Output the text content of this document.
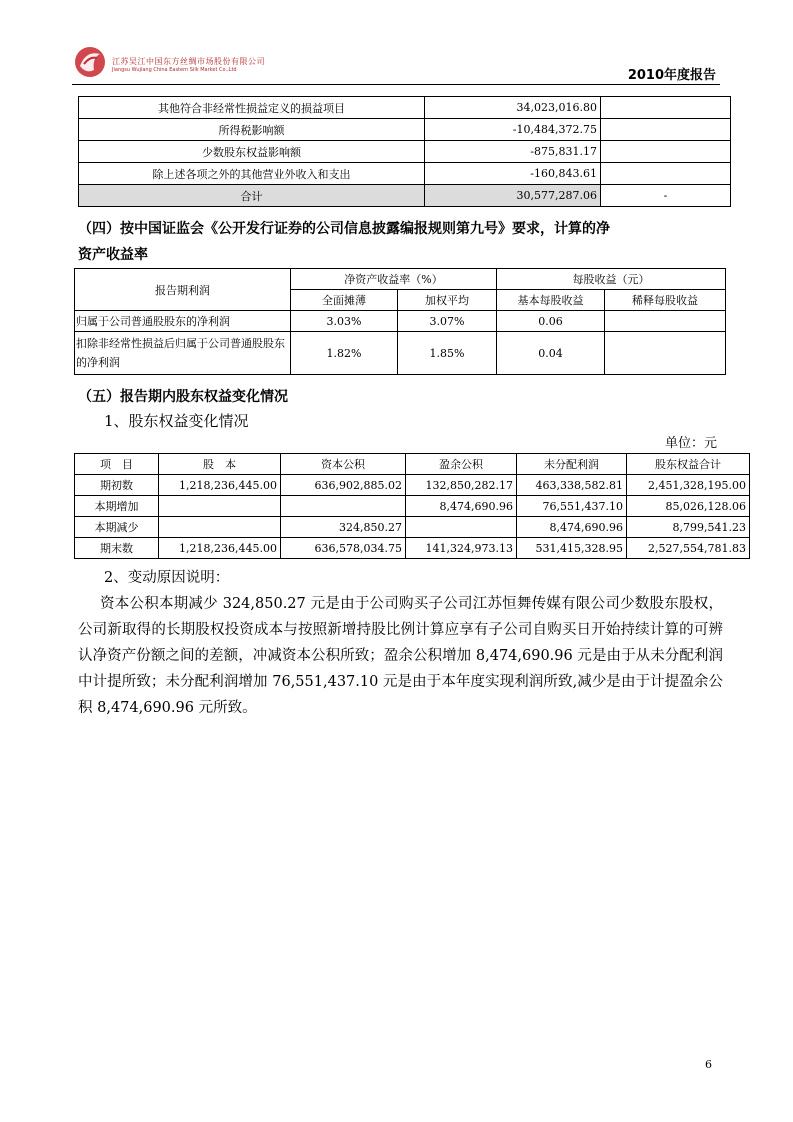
江苏吴江中国东方丝绸市场股份有限公司
Jiangsu Wujiang China Eastern Silk Market Co.,Ltd	2010年度报告
其他符合非经常性损益定义的损益项目	34,023,016.80	
所得税影响额	-10,484,372.75	
少数股东权益影响额	-875,831.17	
除上述各项之外的其他营业外收入和支出	-160,843.61	
合计	30,577,287.06	-
（四）按中国证监会《公开发行证券的公司信息披露编报规则第九号》要求，计算的净
资产收益率
报告期利润	净资产收益率（%）		每股收益（元）	
	全面摊薄	加权平均	基本每股收益	稀释每股收益
归属于公司普通股股东的净利润	3.03%	3.07%	0.06	
扣除非经常性损益后归属于公司普通股股东的净利润	1.82%	1.85%	0.04	
（五）报告期内股东权益变化情况
1、股东权益变化情况
单位：元
项　目	股　本	资本公积	盈余公积	未分配利润	股东权益合计
期初数	1,218,236,445.00	636,902,885.02	132,850,282.17	463,338,582.81	2,451,328,195.00
本期增加			8,474,690.96	76,551,437.10	85,026,128.06
本期减少		324,850.27		8,474,690.96	8,799,541.23
期末数	1,218,236,445.00	636,578,034.75	141,324,973.13	531,415,328.95	2,527,554,781.83
2、变动原因说明：
资本公积本期减少 324,850.27 元是由于公司购买子公司江苏恒舞传媒有限公司少数股东股权，公司新取得的长期股权投资成本与按照新增持股比例计算应享有子公司自购买日开始持续计算的可辨认净资产份额之间的差额，冲减资本公积所致；盈余公积增加 8,474,690.96 元是由于从未分配利润中计提所致；未分配利润增加 76,551,437.10 元是由于本年度实现利润所致,减少是由于计提盈余公积 8,474,690.96 元所致。
6
